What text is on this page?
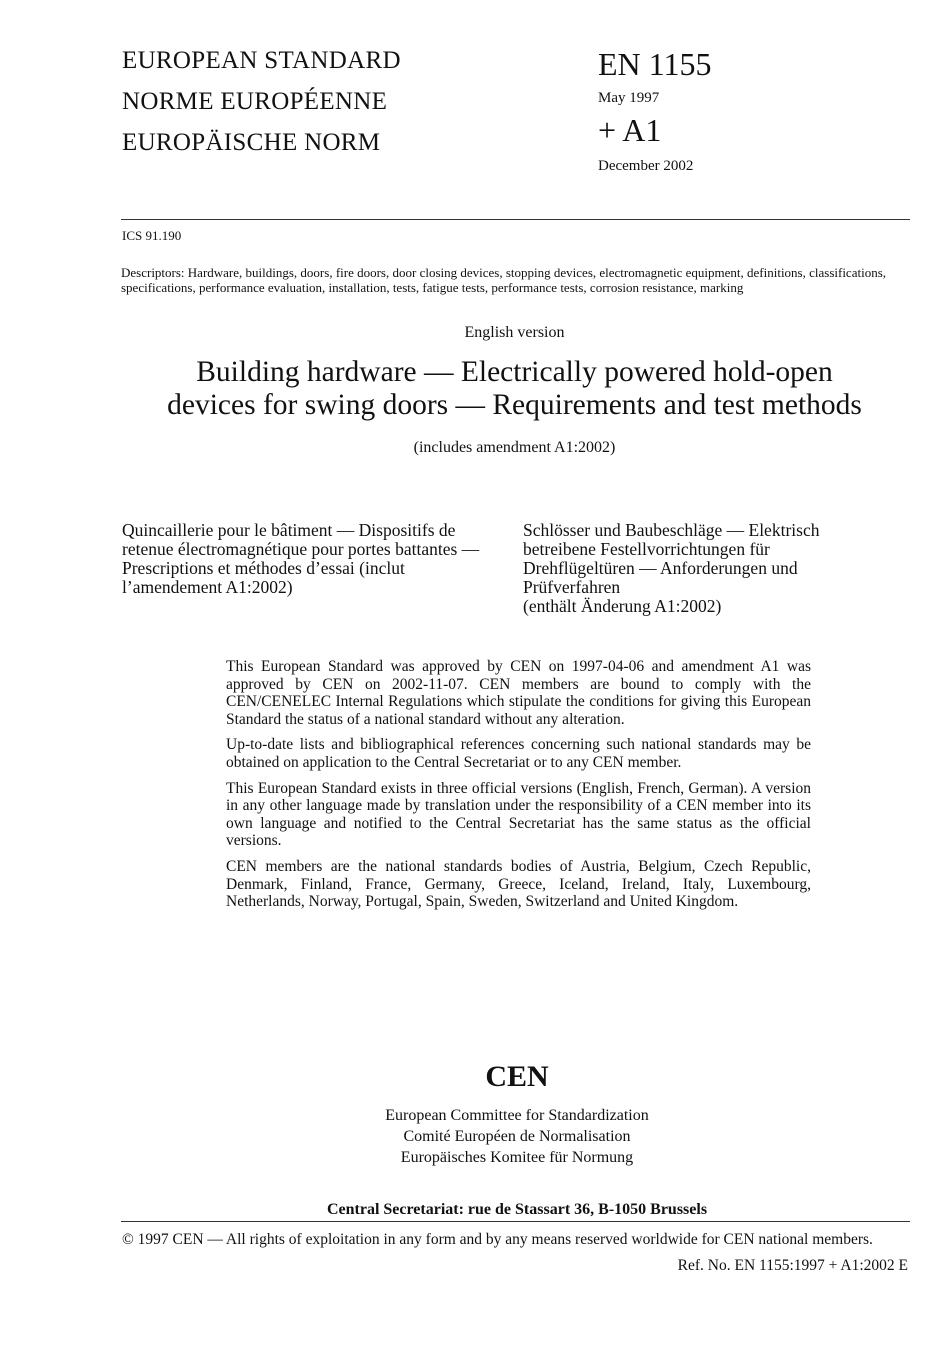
EUROPEAN STANDARD
NORME EUROPÉENNE
EUROPÄISCHE NORM
EN 1155
May 1997
+ A1
December 2002
ICS 91.190
Descriptors: Hardware, buildings, doors, fire doors, door closing devices, stopping devices, electromagnetic equipment, definitions, classifications, specifications, performance evaluation, installation, tests, fatigue tests, performance tests, corrosion resistance, marking
English version
Building hardware — Electrically powered hold-open
devices for swing doors — Requirements and test methods
(includes amendment A1:2002)
Quincaillerie pour le bâtiment — Dispositifs de retenue électromagnétique pour portes battantes — Prescriptions et méthodes d’essai (inclut l’amendement A1:2002)
Schlösser und Baubeschläge — Elektrisch betreibene Festellvorrichtungen für Drehflügeltüren — Anforderungen und Prüfverfahren
(enthält Änderung A1:2002)

This European Standard was approved by CEN on 1997-04-06 and amendment A1 was approved by CEN on 2002-11-07. CEN members are bound to comply with the CEN/CENELEC Internal Regulations which stipulate the conditions for giving this European Standard the status of a national standard without any alteration.

Up-to-date lists and bibliographical references concerning such national standards may be obtained on application to the Central Secretariat or to any CEN member.

This European Standard exists in three official versions (English, French, German). A version in any other language made by translation under the responsibility of a CEN member into its own language and notified to the Central Secretariat has the same status as the official versions.

CEN members are the national standards bodies of Austria, Belgium, Czech Republic, Denmark, Finland, France, Germany, Greece, Iceland, Ireland, Italy, Luxembourg, Netherlands, Norway, Portugal, Spain, Sweden, Switzerland and United Kingdom.

CEN
European Committee for Standardization
Comité Européen de Normalisation
Europäisches Komitee für Normung
Central Secretariat: rue de Stassart 36, B-1050 Brussels
© 1997 CEN — All rights of exploitation in any form and by any means reserved worldwide for CEN national members.
Ref. No. EN 1155:1997 + A1:2002 E
